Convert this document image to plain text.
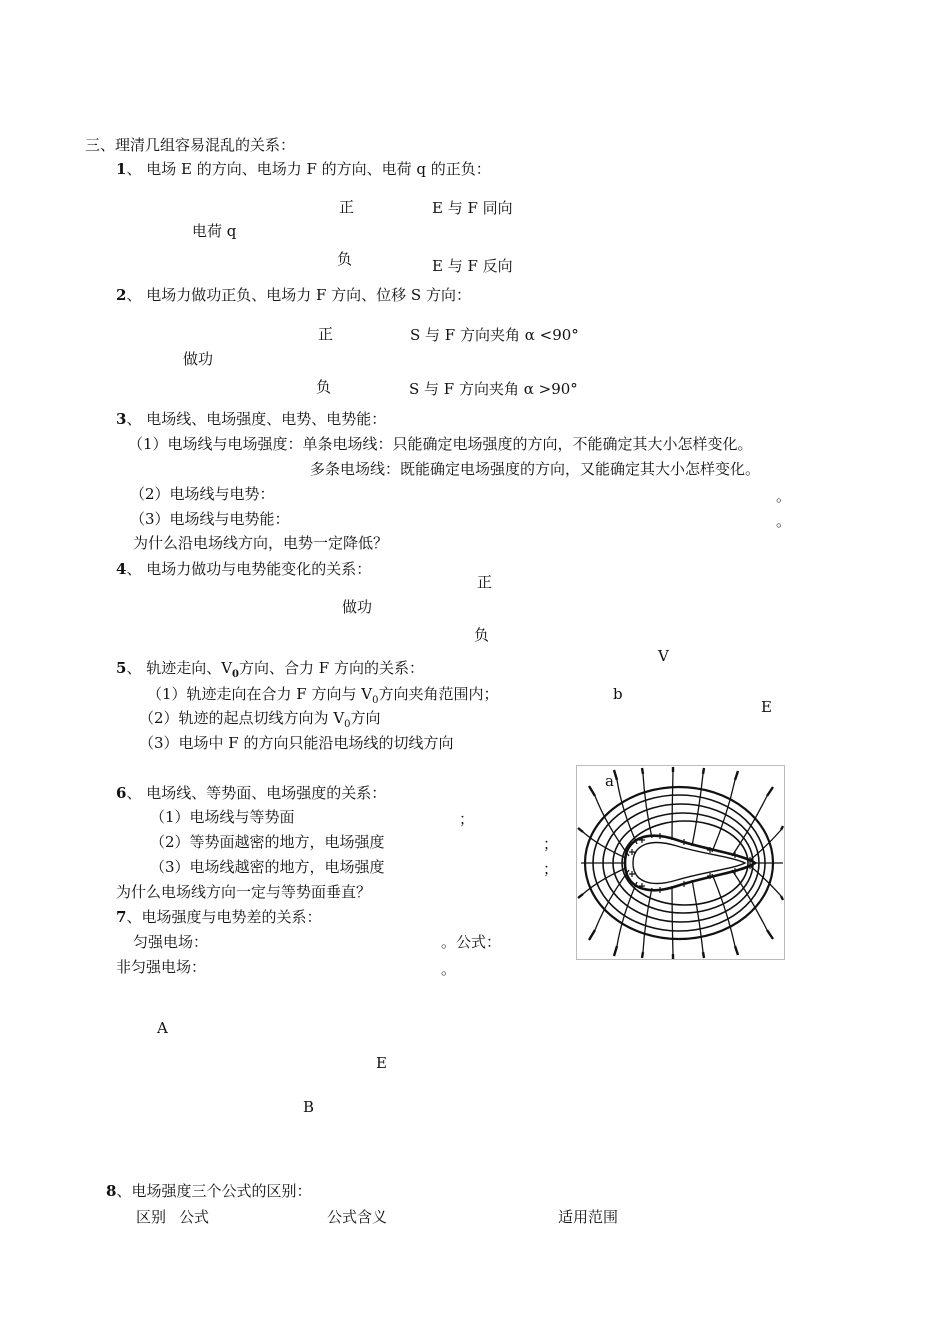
三、理清几组容易混乱的关系：
1、 电场 E 的方向、电场力 F 的方向、电荷 q 的正负：
正	E 与 F 同向
电荷 q
负	E 与 F 反向
2、 电场力做功正负、电场力 F 方向、位移 S 方向：
正	S 与 F 方向夹角 α <90°
做功
负	S 与 F 方向夹角 α >90°
3、 电场线、电场强度、电势、电势能：
（1）电场线与电场强度：单条电场线：只能确定电场强度的方向，不能确定其大小怎样变化。
多条电场线：既能确定电场强度的方向，又能确定其大小怎样变化。
（2）电场线与电势：	。
（3）电场线与电势能：	。
为什么沿电场线方向，电势一定降低？
4、 电场力做功与电势能变化的关系：
正
做功
负
V
5、 轨迹走向、$V_0$方向、合力 F 方向的关系：
（1）轨迹走向在合力 F 方向与 $V_0$方向夹角范围内；	b
E
（2）轨迹的起点切线方向为 $V_0$方向
（3）电场中 F 的方向只能沿电场线的切线方向
a
6、 电场线、等势面、电场强度的关系：
（1）电场线与等势面	；
（2）等势面越密的地方，电场强度	；
（3）电场线越密的地方，电场强度	；
为什么电场线方向一定与等势面垂直？
7、电场强度与电势差的关系：
匀强电场：	。公式：
非匀强电场：	。
A
E
B
8、电场强度三个公式的区别：
区别 公式	公式含义	适用范围
